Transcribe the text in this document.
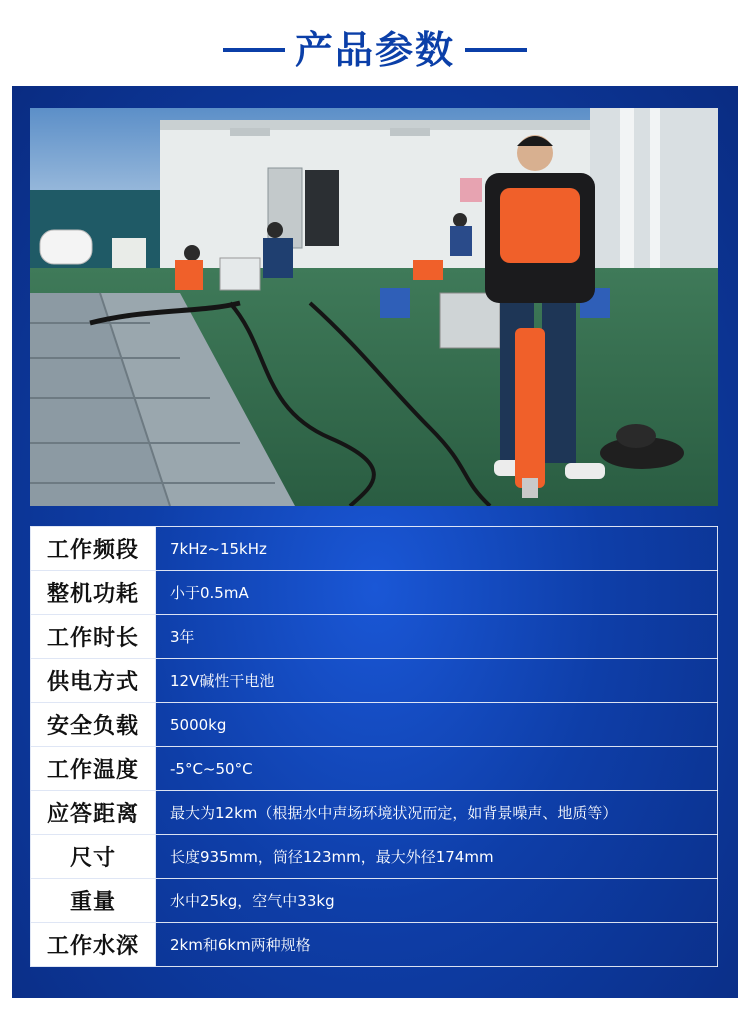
产品参数
工作频段	7kHz~15kHz
整机功耗	小于0.5mA
工作时长	3年
供电方式	12V碱性干电池
安全负载	5000kg
工作温度	-5°C~50°C
应答距离	最大为12km（根据水中声场环境状况而定，如背景噪声、地质等）
尺寸	长度935mm，筒径123mm，最大外径174mm
重量	水中25kg，空气中33kg
工作水深	2km和6km两种规格
